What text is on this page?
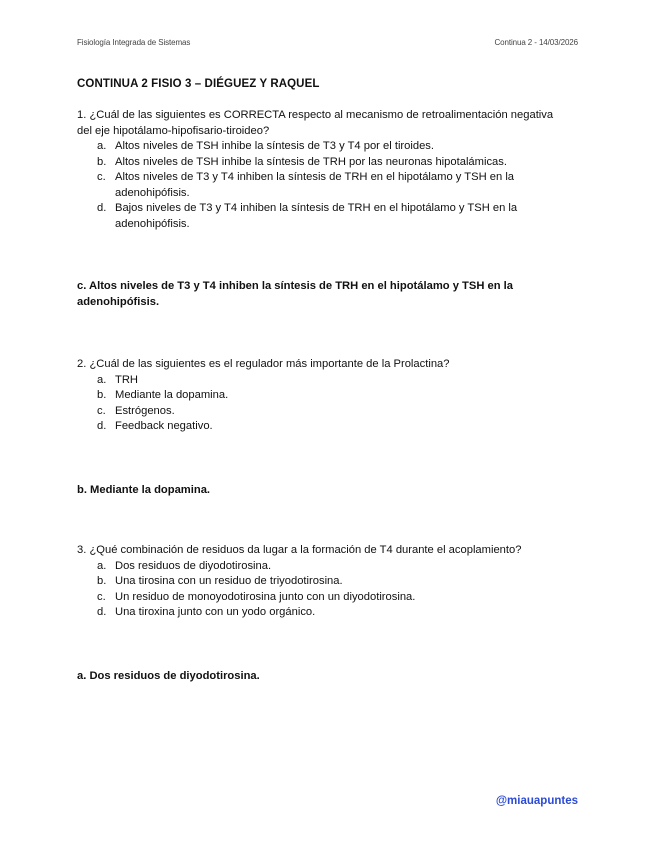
Fisiología Integrada de Sistemas	Continua 2 - 14/03/2026
CONTINUA 2 FISIO 3 – DIÉGUEZ Y RAQUEL

1. ¿Cuál de las siguientes es CORRECTA respecto al mecanismo de retroalimentación negativa del eje hipotálamo-hipofisario-tiroideo?

a. Altos niveles de TSH inhibe la síntesis de T3 y T4 por el tiroides.
b. Altos niveles de TSH inhibe la síntesis de TRH por las neuronas hipotalámicas.
c. Altos niveles de T3 y T4 inhiben la síntesis de TRH en el hipotálamo y TSH en la adenohipófisis.
d. Bajos niveles de T3 y T4 inhiben la síntesis de TRH en el hipotálamo y TSH en la adenohipófisis.
c. Altos niveles de T3 y T4 inhiben la síntesis de TRH en el hipotálamo y TSH en la adenohipófisis.

2. ¿Cuál de las siguientes es el regulador más importante de la Prolactina?

a. TRH
b. Mediante la dopamina.
c. Estrógenos.
d. Feedback negativo.
b. Mediante la dopamina.

3. ¿Qué combinación de residuos da lugar a la formación de T4 durante el acoplamiento?

a. Dos residuos de diyodotirosina.
b. Una tirosina con un residuo de triyodotirosina.
c. Un residuo de monoyodotirosina junto con un diyodotirosina.
d. Una tiroxina junto con un yodo orgánico.
a. Dos residuos de diyodotirosina.
@miauapuntes
